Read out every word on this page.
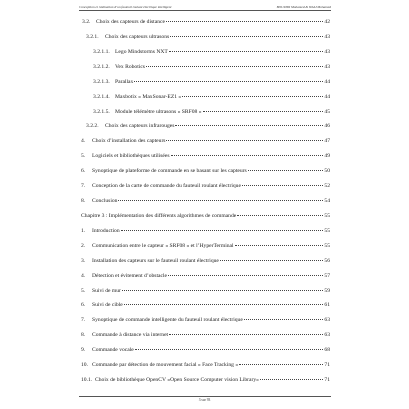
Conception et réalisation d’un fauteuil roulant électrique intelligent	BOUZIDI Mohamed & WALI Mohamed
3.2.	Choix des capteurs de distance	42
3.2.1.	Choix des capteurs ultrasons	43
3.2.1.1. Lego Mindstorms NXT	43
3.2.1.2. Vex Robotics	43
3.2.1.3. Parallax	44
3.2.1.4. Maxbotix « MaxSonar-EZ1 »	44
3.2.1.5. Module télémètre ultrasons « SRF08 »	45
3.2.2.	Choix des capteurs infrarouges	46
4.	Choix d’installation des capteurs	47
5.	Logiciels et bibliothèques utilisées	49
6.	Synoptique de plateforme de commande en se basant sur les capteurs	50
7.	Conception de la carte de commande du fauteuil roulant électrique	52
8.	Conclusion	54
Chapitre 3 : Implémentation des différents algorithmes de commande	55
1.	Introduction	55
2.	Communication entre le capteur « SRF08 » et l’HyperTerminal	55
3.	Installation des capteurs sur le fauteuil roulant électrique	56
4.	Détection et évitement d’obstacle	57
5.	Suivi de mur	59
6.	Suivi de cible	61
7.	Synoptique de commande intelligente du fauteuil roulant électrique	63
8.	Commande à distance via internet	63
9.	Commande vocale	68
10. Commande par détection de mouvement facial « Face Tracking »	71
10.1. Choix de bibliothèque OpenCV «Open Source Computer vision Library»	71
3 sur 93
